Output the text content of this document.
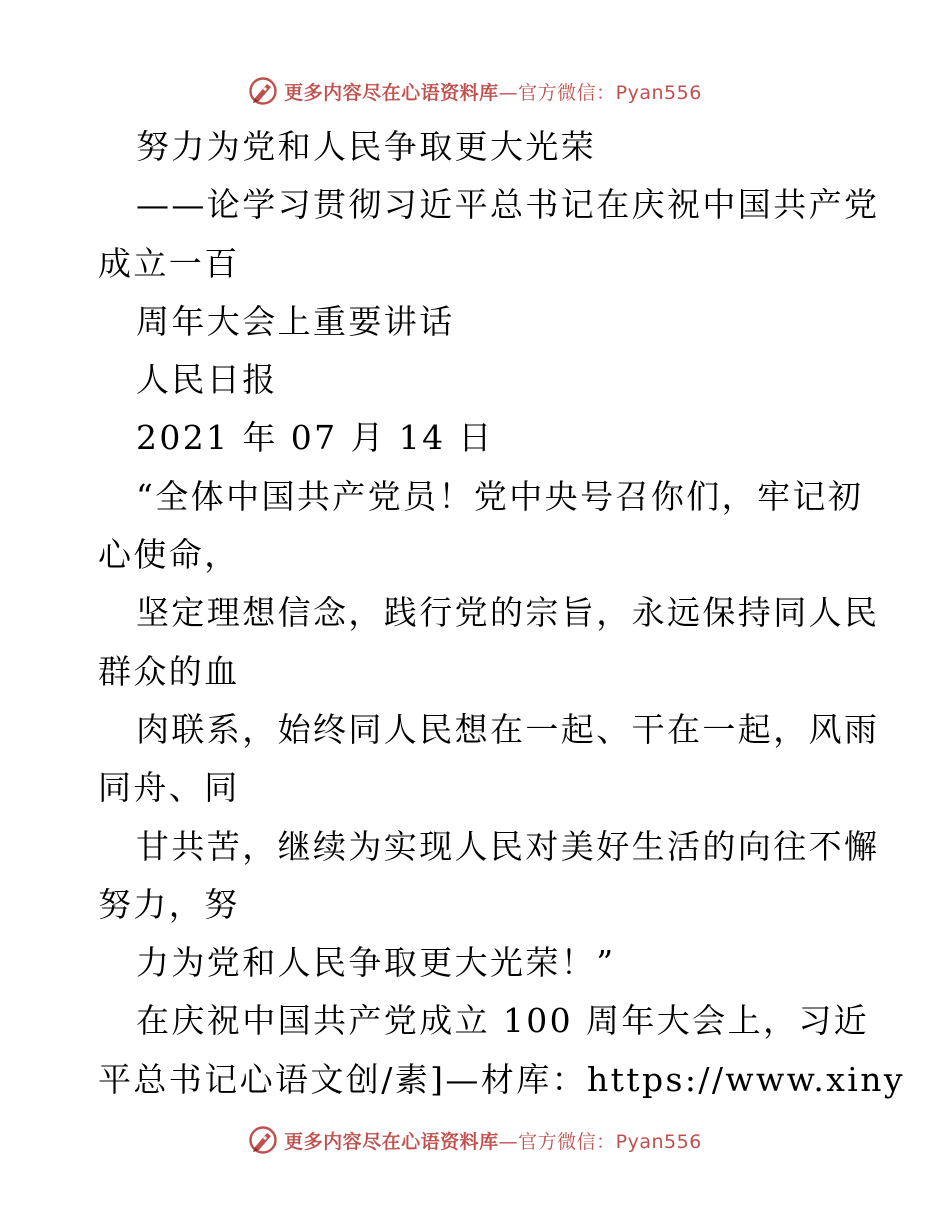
更多内容尽在心语资料库 —官方微信：Pyan556
努力为党和人民争取更大光荣
——论学习贯彻习近平总书记在庆祝中国共产党
成立一百
周年大会上重要讲话
人民日报
2021 年 07 月 14 日
“全体中国共产党员！党中央号召你们，牢记初
心使命，
坚定理想信念，践行党的宗旨，永远保持同人民
群众的血
肉联系，始终同人民想在一起、干在一起，风雨
同舟、同
甘共苦，继续为实现人民对美好生活的向往不懈
努力，努
力为党和人民争取更大光荣！”
在庆祝中国共产党成立 100 周年大会上，习近
平总书记心语文创/素]—材库：https://www.xiny
更多内容尽在心语资料库 —官方微信：Pyan556
